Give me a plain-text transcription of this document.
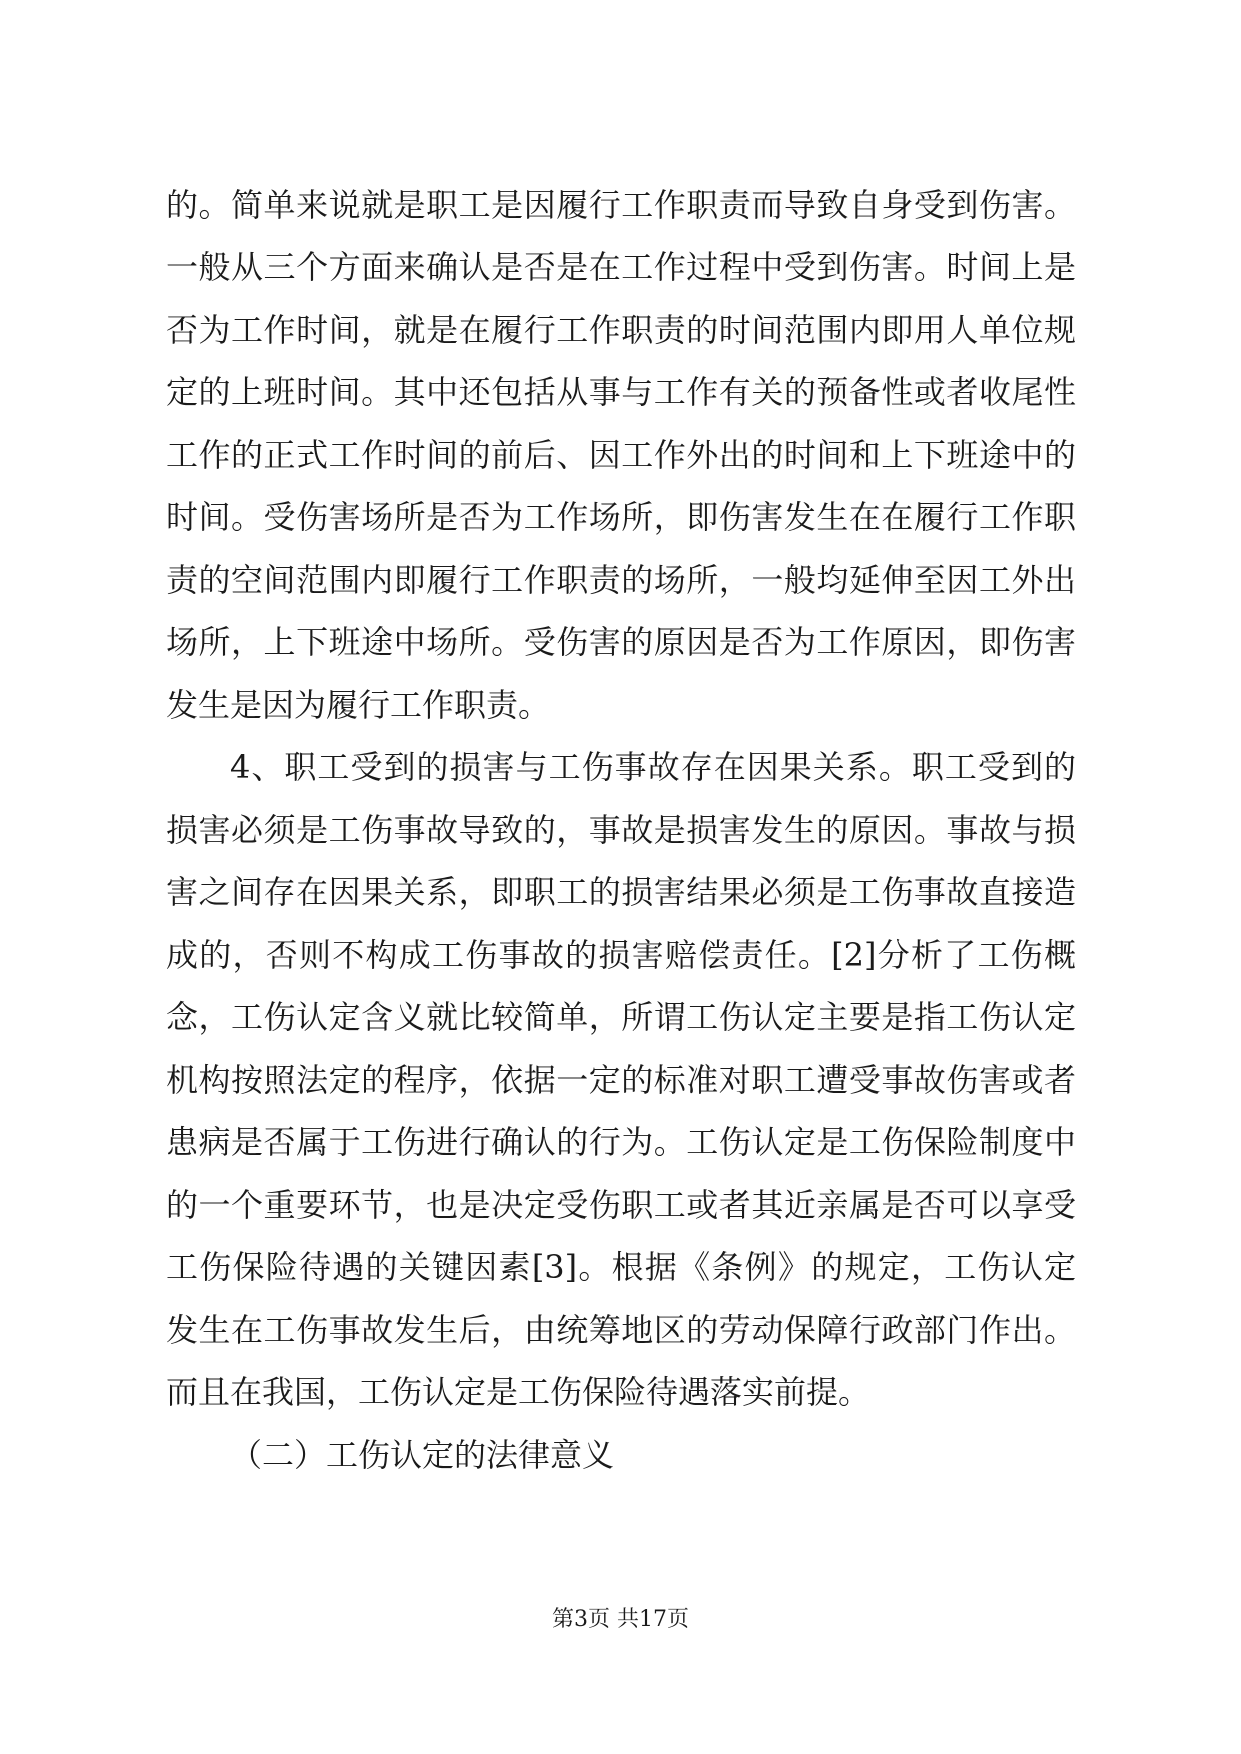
的。简单来说就是职工是因履行工作职责而导致自身受到伤害。
一般从三个方面来确认是否是在工作过程中受到伤害。时间上是
否为工作时间，就是在履行工作职责的时间范围内即用人单位规
定的上班时间。其中还包括从事与工作有关的预备性或者收尾性
工作的正式工作时间的前后、因工作外出的时间和上下班途中的
时间。受伤害场所是否为工作场所，即伤害发生在在履行工作职
责的空间范围内即履行工作职责的场所，一般均延伸至因工外出
场所，上下班途中场所。受伤害的原因是否为工作原因，即伤害
发生是因为履行工作职责。
4、职工受到的损害与工伤事故存在因果关系。职工受到的
损害必须是工伤事故导致的，事故是损害发生的原因。事故与损
害之间存在因果关系，即职工的损害结果必须是工伤事故直接造
成的，否则不构成工伤事故的损害赔偿责任。[2]分析了工伤概
念，工伤认定含义就比较简单，所谓工伤认定主要是指工伤认定
机构按照法定的程序，依据一定的标准对职工遭受事故伤害或者
患病是否属于工伤进行确认的行为。工伤认定是工伤保险制度中
的一个重要环节，也是决定受伤职工或者其近亲属是否可以享受
工伤保险待遇的关键因素[3]。根据《条例》的规定，工伤认定
发生在工伤事故发生后，由统筹地区的劳动保障行政部门作出。
而且在我国，工伤认定是工伤保险待遇落实前提。
（二）工伤认定的法律意义
第3页 共17页
